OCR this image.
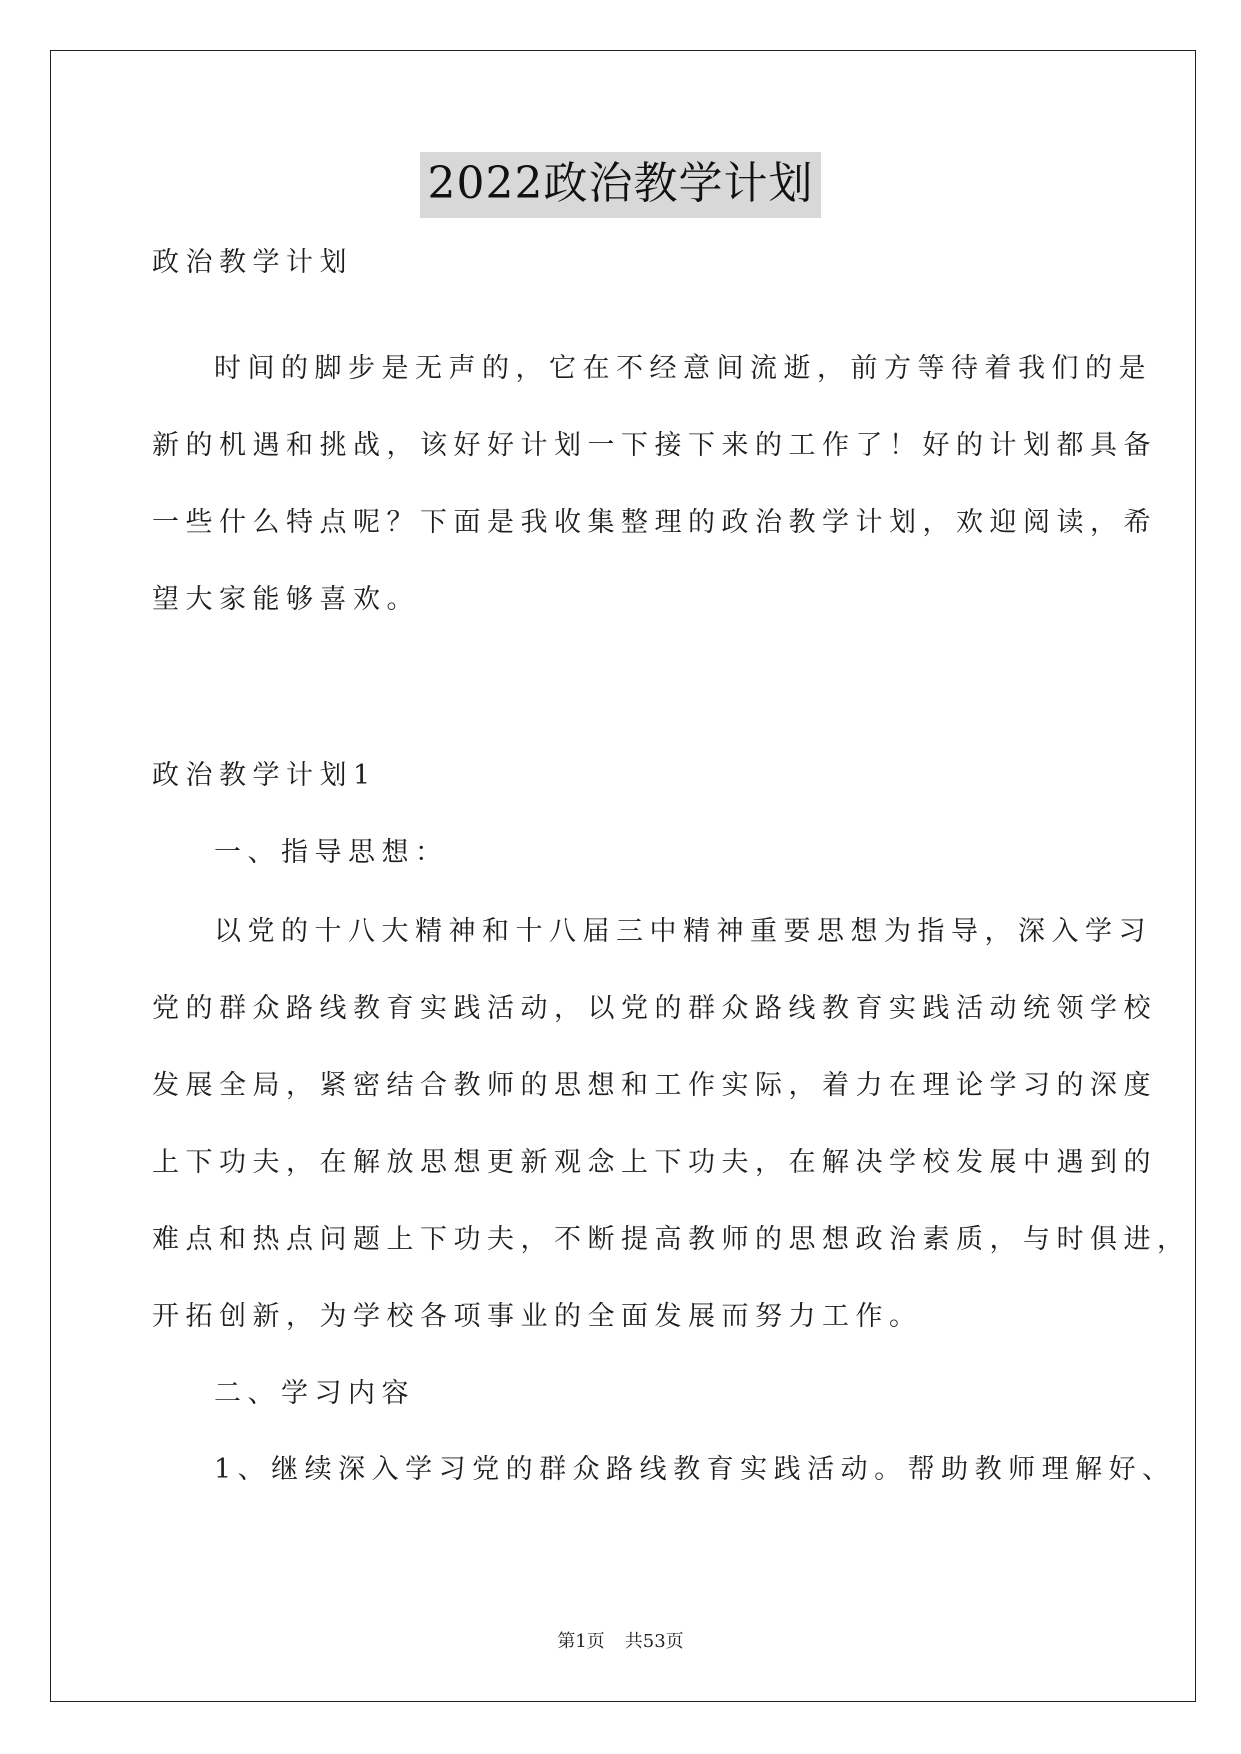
2022政治教学计划
政治教学计划
时间的脚步是无声的，它在不经意间流逝，前方等待着我们的是
新的机遇和挑战，该好好计划一下接下来的工作了！好的计划都具备
一些什么特点呢？下面是我收集整理的政治教学计划，欢迎阅读，希
望大家能够喜欢。
政治教学计划1
一、指导思想：
以党的十八大精神和十八届三中精神重要思想为指导，深入学习
党的群众路线教育实践活动，以党的群众路线教育实践活动统领学校
发展全局，紧密结合教师的思想和工作实际，着力在理论学习的深度
上下功夫，在解放思想更新观念上下功夫，在解决学校发展中遇到的
难点和热点问题上下功夫，不断提高教师的思想政治素质，与时俱进，
开拓创新，为学校各项事业的全面发展而努力工作。
二、学习内容
1、继续深入学习党的群众路线教育实践活动。帮助教师理解好、
第1页 共53页
